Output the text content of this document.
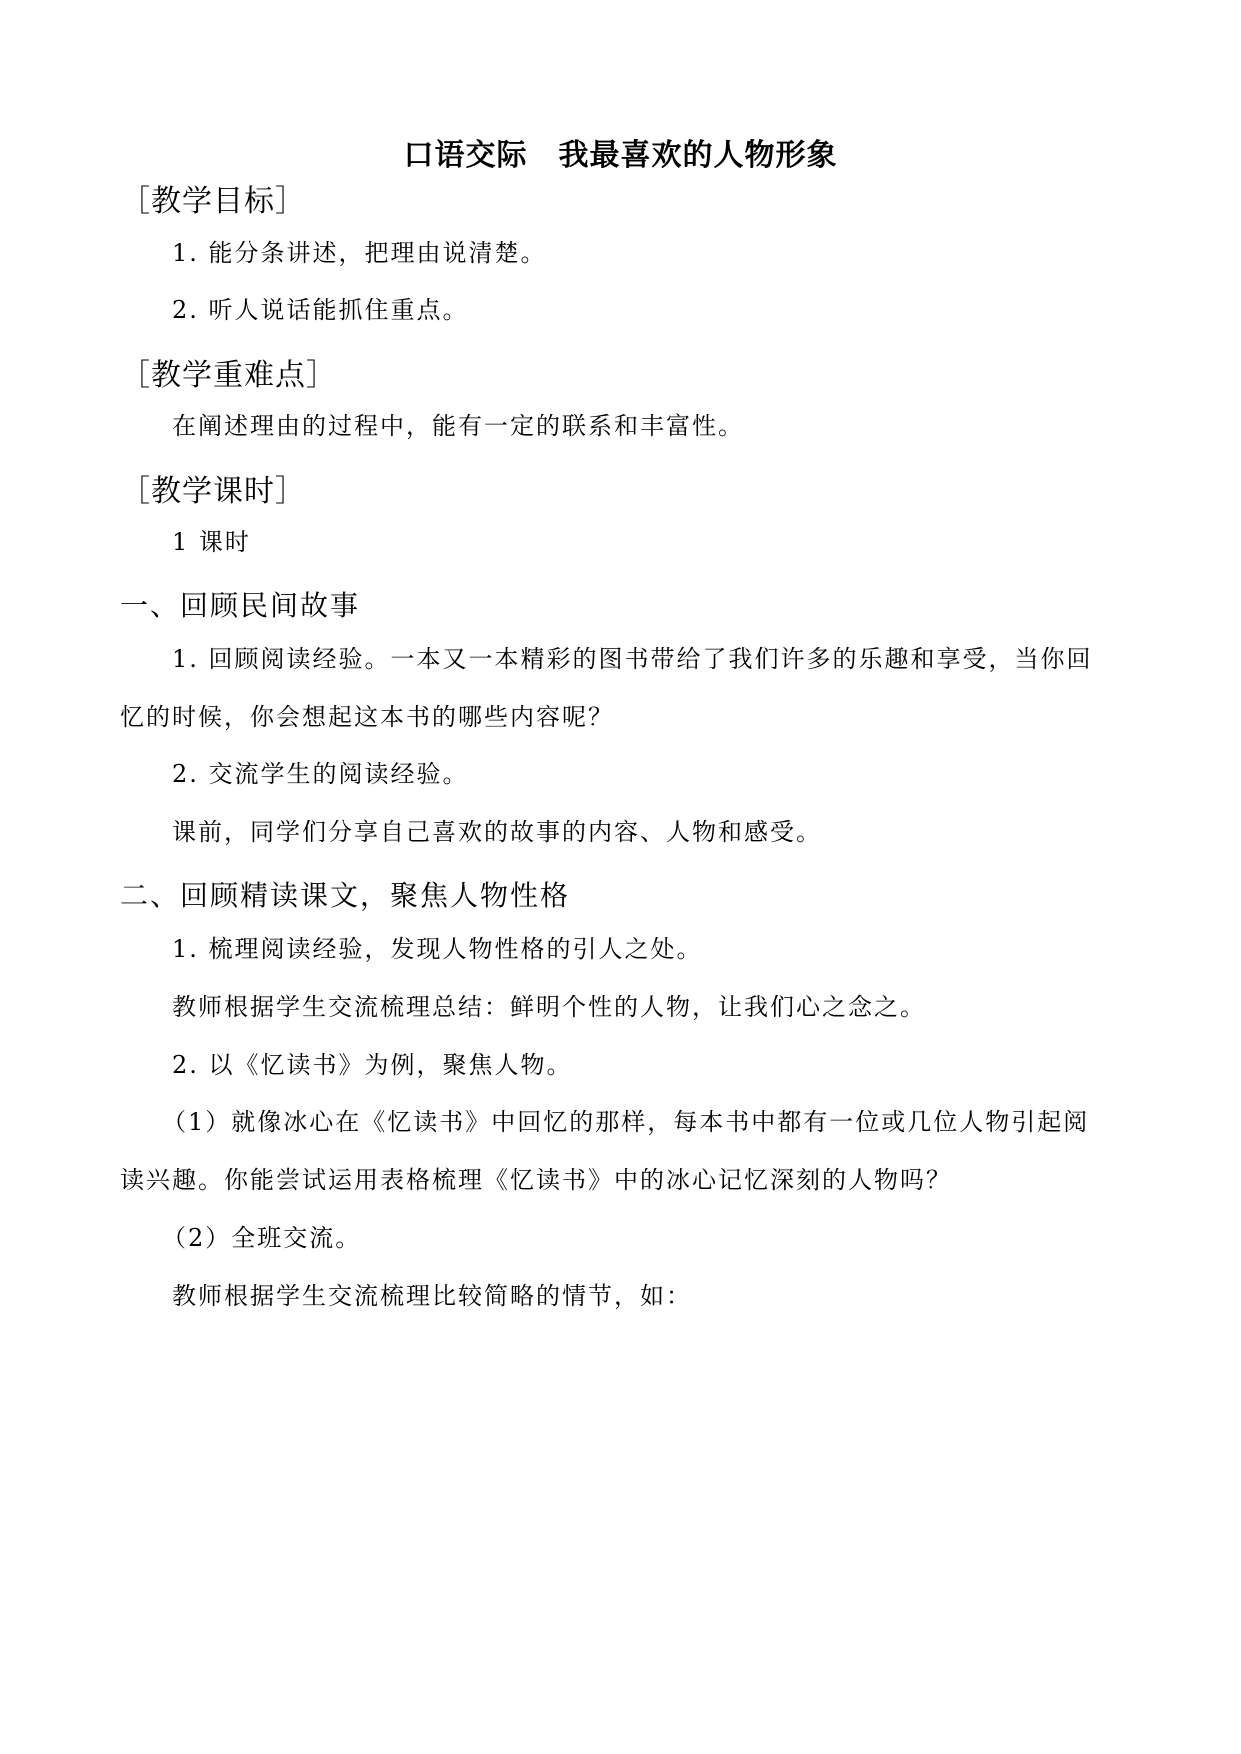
口语交际　我最喜欢的人物形象
［教学目标］
1. 能分条讲述，把理由说清楚。
2. 听人说话能抓住重点。
［教学重难点］
在阐述理由的过程中，能有一定的联系和丰富性。
［教学课时］
1 课时
一、回顾民间故事
1. 回顾阅读经验。一本又一本精彩的图书带给了我们许多的乐趣和享受，当你回
忆的时候，你会想起这本书的哪些内容呢？
2. 交流学生的阅读经验。
课前，同学们分享自己喜欢的故事的内容、人物和感受。
二、回顾精读课文，聚焦人物性格
1. 梳理阅读经验，发现人物性格的引人之处。
教师根据学生交流梳理总结：鲜明个性的人物，让我们心之念之。
2. 以《忆读书》为例，聚焦人物。
（1）就像冰心在《忆读书》中回忆的那样，每本书中都有一位或几位人物引起阅
读兴趣。你能尝试运用表格梳理《忆读书》中的冰心记忆深刻的人物吗？
（2）全班交流。
教师根据学生交流梳理比较简略的情节，如：
